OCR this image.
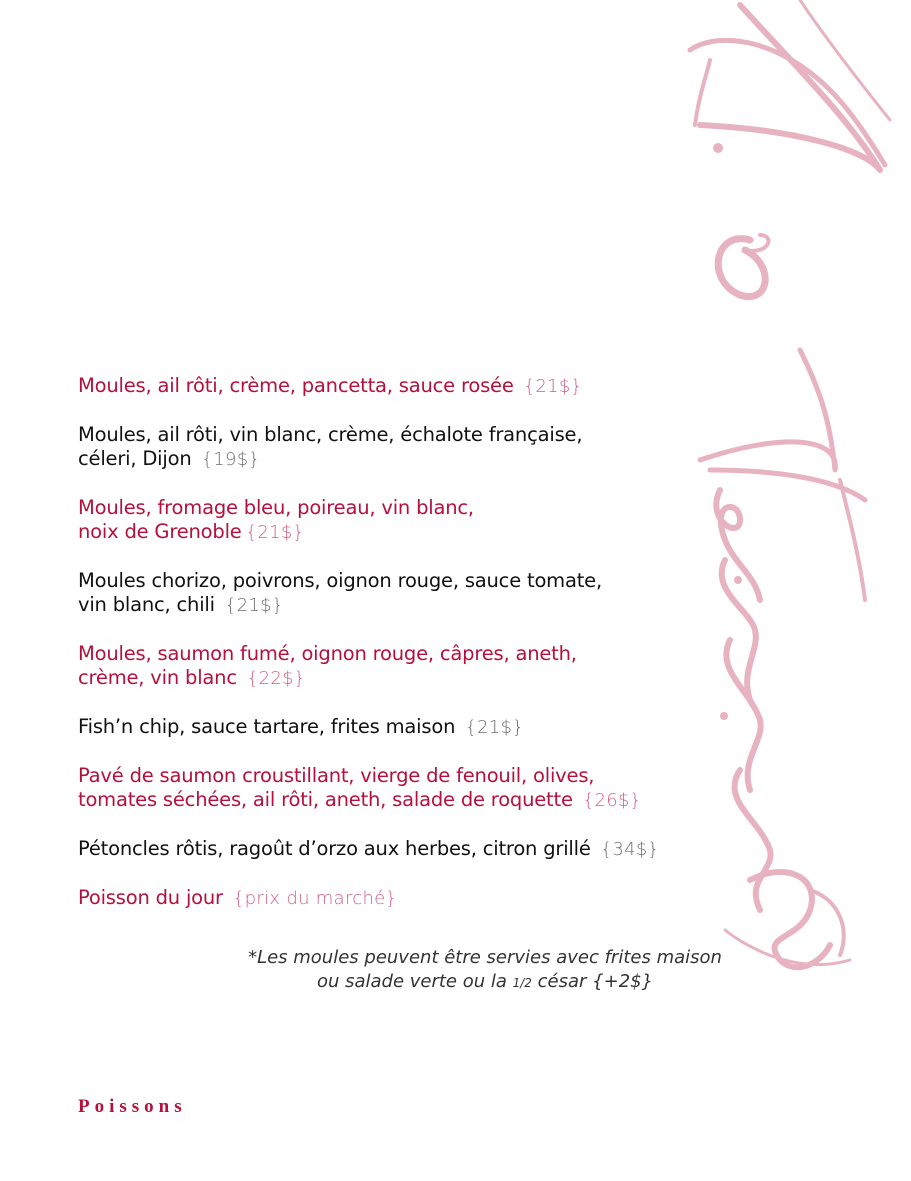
Moules, ail rôti, crème, pancetta, sauce rosée {21$}
Moules, ail rôti, vin blanc, crème, échalote française,
céleri, Dijon {19$}
Moules, fromage bleu, poireau, vin blanc,
noix de Grenoble {21$}
Moules chorizo, poivrons, oignon rouge, sauce tomate,
vin blanc, chili {21$}
Moules, saumon fumé, oignon rouge, câpres, aneth,
crème, vin blanc {22$}
Fish’n chip, sauce tartare, frites maison {21$}
Pavé de saumon croustillant, vierge de fenouil, olives,
tomates séchées, ail rôti, aneth, salade de roquette {26$}
Pétoncles rôtis, ragoût d’orzo aux herbes, citron grillé {34$}
Poisson du jour {prix du marché}
*Les moules peuvent être servies avec frites maison
ou salade verte ou la 1/2 césar {+2$}
Poissons
